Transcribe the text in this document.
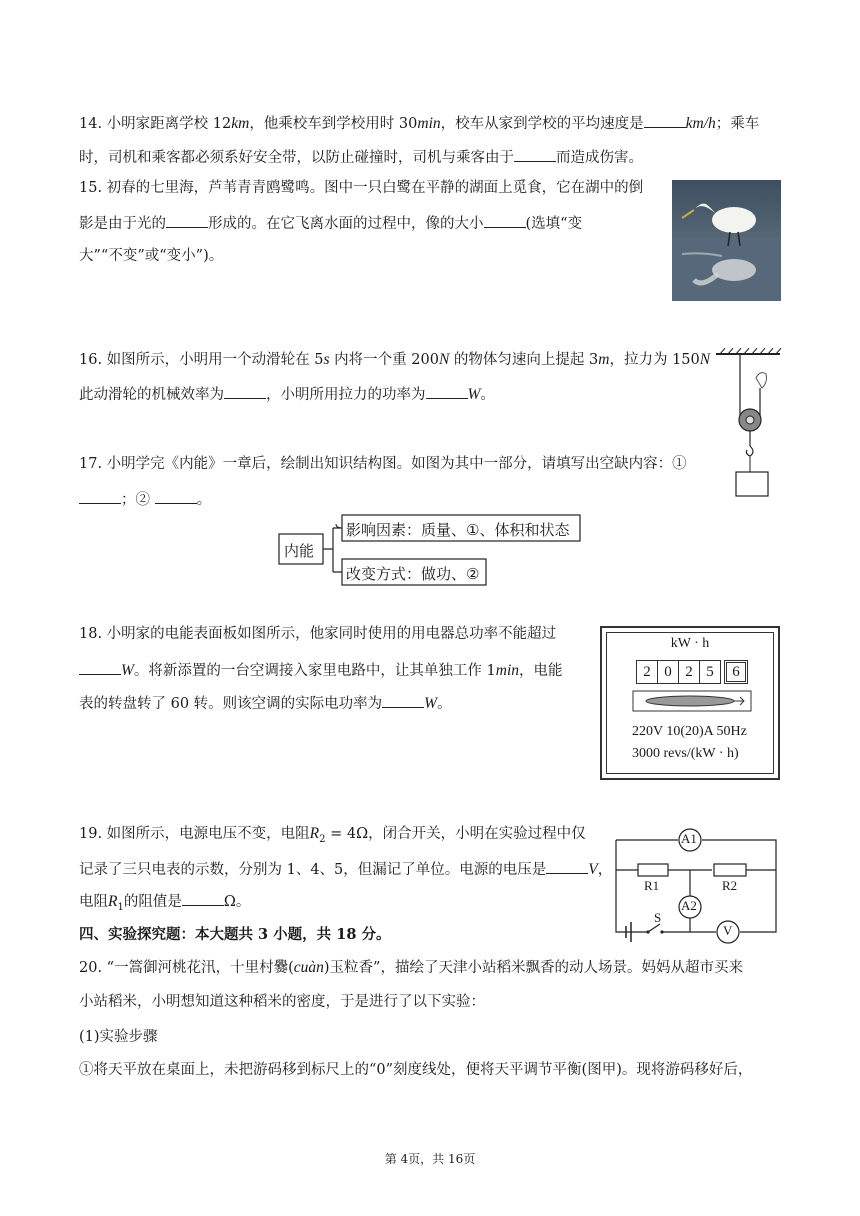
14. 小明家距离学校 12km，他乘校车到学校用时 30min，校车从家到学校的平均速度是	km/h；乘车
时，司机和乘客都必须系好安全带，以防止碰撞时，司机与乘客由于	而造成伤害。
15. 初春的七里海，芦苇青青鸥鹭鸣。图中一只白鹭在平静的湖面上觅食，它在湖中的倒
影是由于光的	形成的。在它飞离水面的过程中，像的大小	(选填“变
大”“不变”或“变小”)。
16. 如图所示，小明用一个动滑轮在 5s 内将一个重 200N 的物体匀速向上提起 3m，拉力为 150N
此动滑轮的机械效率为	，小明所用拉力的功率为	W。
17. 小明学完《内能》一章后，绘制出知识结构图。如图为其中一部分，请填写出空缺内容：①
；②	。
内能
影响因素：质量、①、体积和状态
改变方式：做功、②
18. 小明家的电能表面板如图所示，他家同时使用的用电器总功率不能超过
W。将新添置的一台空调接入家里电路中，让其单独工作 1min，电能
表的转盘转了 60 转。则该空调的实际电功率为	W。
kW · h
2 0 2 5	6
220V 10(20)A 50Hz
3000 revs/(kW · h)
19. 如图所示，电源电压不变，电阻$R_2 = 4\Omega$，闭合开关，小明在实验过程中仅
记录了三只电表的示数，分别为 1、4、5，但漏记了单位。电源的电压是	V，
电阻$R_1$的阻值是	Ω。
A1
A2
V
R1	R2
S
四、实验探究题：本大题共 3 小题，共 18 分。
20. “一篙御河桃花汛，十里村爨(cuàn)玉粒香”，描绘了天津小站稻米飘香的动人场景。妈妈从超市买来
小站稻米，小明想知道这种稻米的密度，于是进行了以下实验：
(1)实验步骤
①将天平放在桌面上，未把游码移到标尺上的“0”刻度线处，便将天平调节平衡(图甲)。现将游码移好后，
第 4页，共 16页
